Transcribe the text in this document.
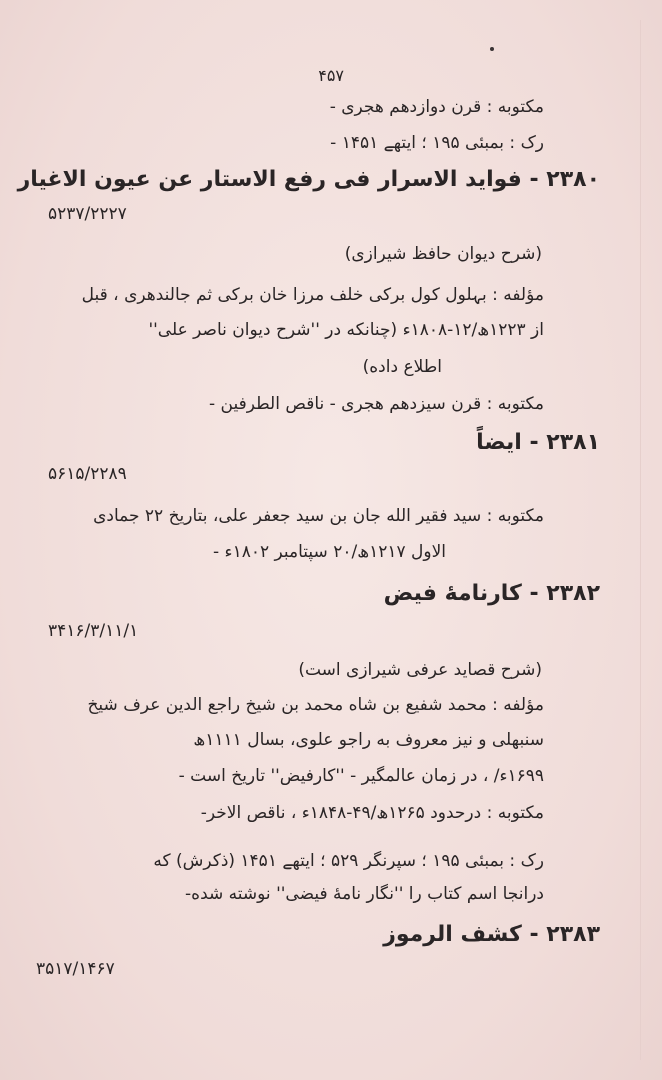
۴۵۷
مکتوبه : قرن دوازدهم هجری -
رک : بمبئی ۱۹۵ ؛ ایتهے ۱۴۵۱ -
۲۳۸۰ - فواید الاسرار فی رفع الاستار عن عیون الاغیار
۵۲۳۷/۲۲۲۷
(شرح دیوان حافظ شیرازی)
مؤلفه : بہلول کول برکی خلف مرزا خان برکی ثم جالندهری ، قبل
از ۱۲۲۳ھ/۱۲-۱۸۰۸ء (چنانکه در ''شرح دیوان ناصر علی''
اطلاع داده)
مکتوبه : قرن سیزدهم هجری - ناقص الطرفین -
۲۳۸۱ - ایضاً
۵۶۱۵/۲۲۸۹
مکتوبه : سید فقیر الله جان بن سید جعفر علی، بتاریخ ۲۲ جمادی
الاول ۱۲۱۷ھ/۲۰ سپتامبر ۱۸۰۲ء -
۲۳۸۲ - کارنامهٔ فیض
۳۴۱۶/۳/۱۱/۱
(شرح قصاید عرفی شیرازی است)
مؤلفه : محمد شفیع بن شاه محمد بن شیخ راجع الدین عرف شیخ
سنبهلی و نیز معروف به راجو علوی، بسال ۱۱۱۱ھ
۱۶۹۹ء/ ، در زمان عالمگیر - ''کارفیض'' تاریخ است -
مکتوبه : درحدود ۱۲۶۵ھ/۴۹-۱۸۴۸ء ، ناقص الاخر-
رک : بمبئی ۱۹۵ ؛ سپرنگر ۵۲۹ ؛ ایتهے ۱۴۵۱ (ذکرش) که
درانجا اسم کتاب را ''نگار نامهٔ فیضی'' نوشته شده-
۲۳۸۳ - کشف الرموز
۳۵۱۷/۱۴۶۷
